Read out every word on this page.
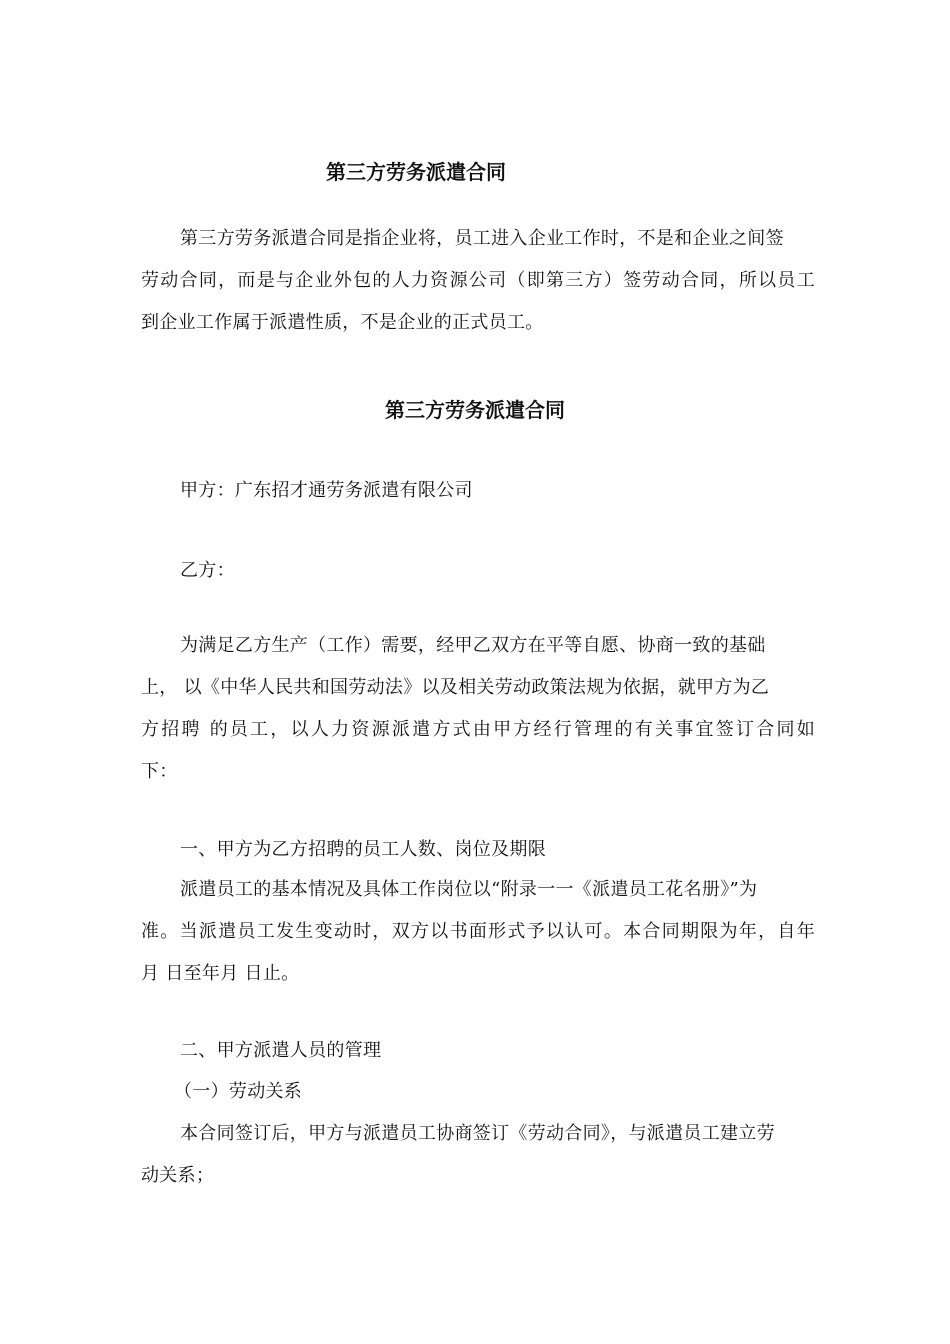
第三方劳务派遣合同
第三方劳务派遣合同是指企业将，员工进入企业工作时，不是和企业之间签
劳动合同，而是与企业外包的人力资源公司（即第三方）签劳动合同，所以员工
到企业工作属于派遣性质，不是企业的正式员工。
第三方劳务派遣合同
甲方：广东招才通劳务派遣有限公司
乙方：
为满足乙方生产（工作）需要，经甲乙双方在平等自愿、协商一致的基础
上， 以《中华人民共和国劳动法》以及相关劳动政策法规为依据，就甲方为乙
方招聘 的员工，以人力资源派遣方式由甲方经行管理的有关事宜签订合同如
下：
一、甲方为乙方招聘的员工人数、岗位及期限
派遣员工的基本情况及具体工作岗位以“附录一一《派遣员工花名册》”为
准。当派遣员工发生变动时，双方以书面形式予以认可。本合同期限为年，自年
月 日至年月 日止。
二、甲方派遣人员的管理
（一）劳动关系
本合同签订后，甲方与派遣员工协商签订《劳动合同》，与派遣员工建立劳
动关系；
